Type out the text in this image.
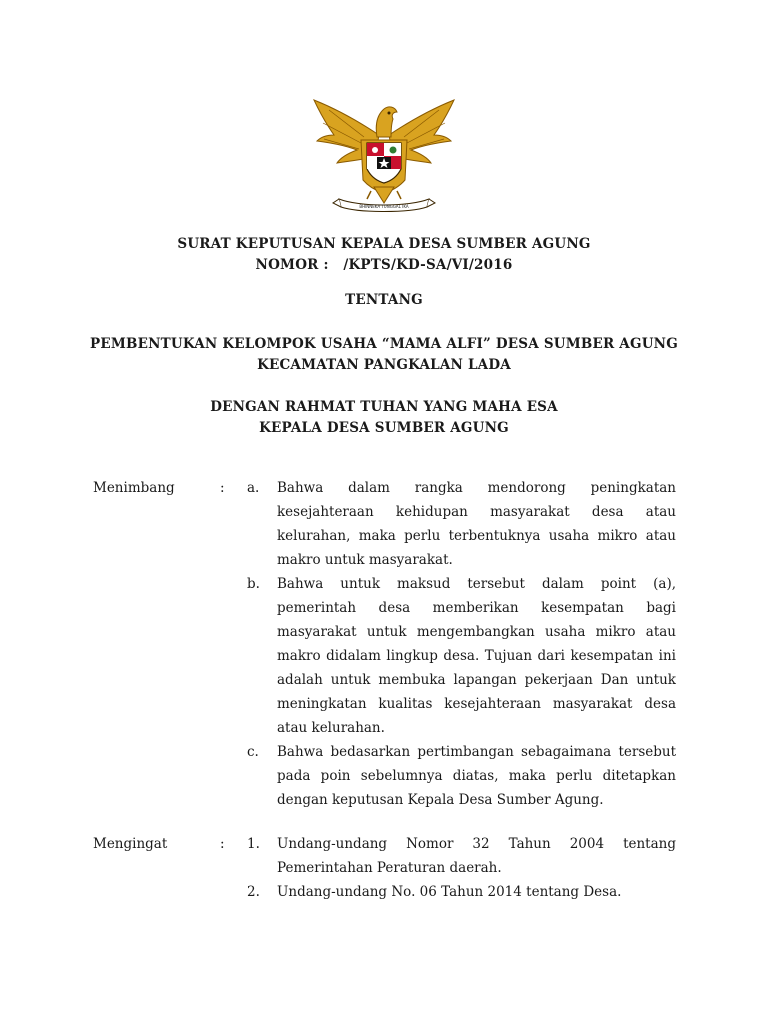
BHINNEKA TUNGGAL IKA
SURAT KEPUTUSAN KEPALA DESA SUMBER AGUNG
NOMOR :   /KPTS/KD-SA/VI/2016
TENTANG
PEMBENTUKAN KELOMPOK USAHA “MAMA ALFI” DESA SUMBER AGUNG
KECAMATAN PANGKALAN LADA
DENGAN RAHMAT TUHAN YANG MAHA ESA
KEPALA DESA SUMBER AGUNG
Menimbang	: a. Bahwa dalam rangka mendorong peningkatan kesejahteraan kehidupan masyarakat desa atau kelurahan, maka perlu terbentuknya usaha mikro atau makro untuk masyarakat.
b. Bahwa untuk maksud tersebut dalam point (a), pemerintah desa memberikan kesempatan bagi masyarakat untuk mengembangkan usaha mikro atau makro didalam lingkup desa. Tujuan dari kesempatan ini adalah untuk membuka lapangan pekerjaan Dan untuk meningkatan kualitas kesejahteraan masyarakat desa atau kelurahan.
c. Bahwa bedasarkan pertimbangan sebagaimana tersebut pada poin sebelumnya diatas, maka perlu ditetapkan dengan keputusan Kepala Desa Sumber Agung.
Mengingat	: 1. Undang-undang Nomor 32 Tahun 2004 tentang Pemerintahan Peraturan daerah.
2. Undang-undang No. 06 Tahun 2014 tentang Desa.
